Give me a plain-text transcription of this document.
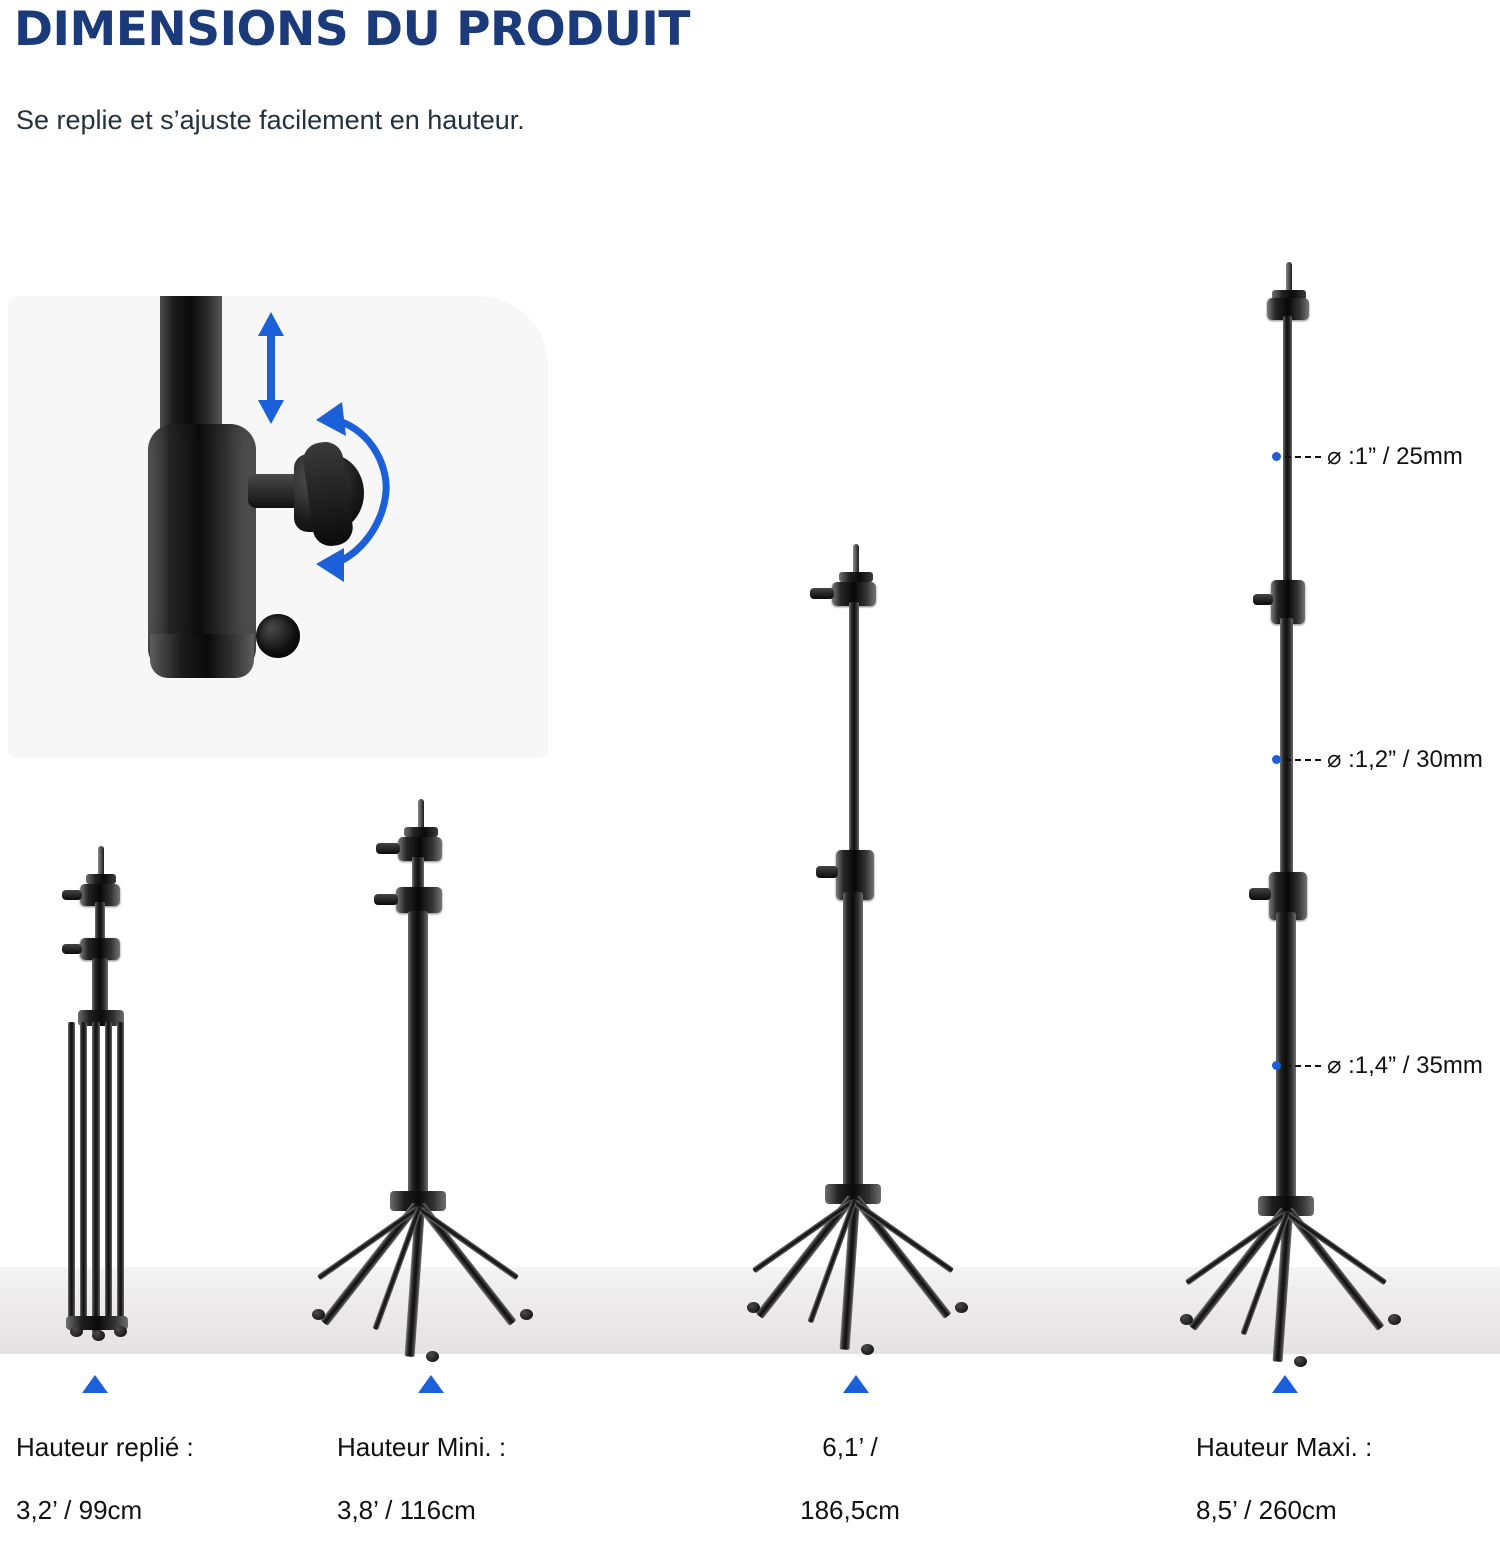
DIMENSIONS DU PRODUIT
Se replie et s’ajuste facilement en hauteur.
⌀ :1” / 25mm
⌀ :1,2” / 30mm
⌀ :1,4” / 35mm

Hauteur replié :

3,2’ / 99cm

Hauteur Mini. :

3,8’ / 116cm

6,1’ /

186,5cm

Hauteur Maxi. :

8,5’ / 260cm
